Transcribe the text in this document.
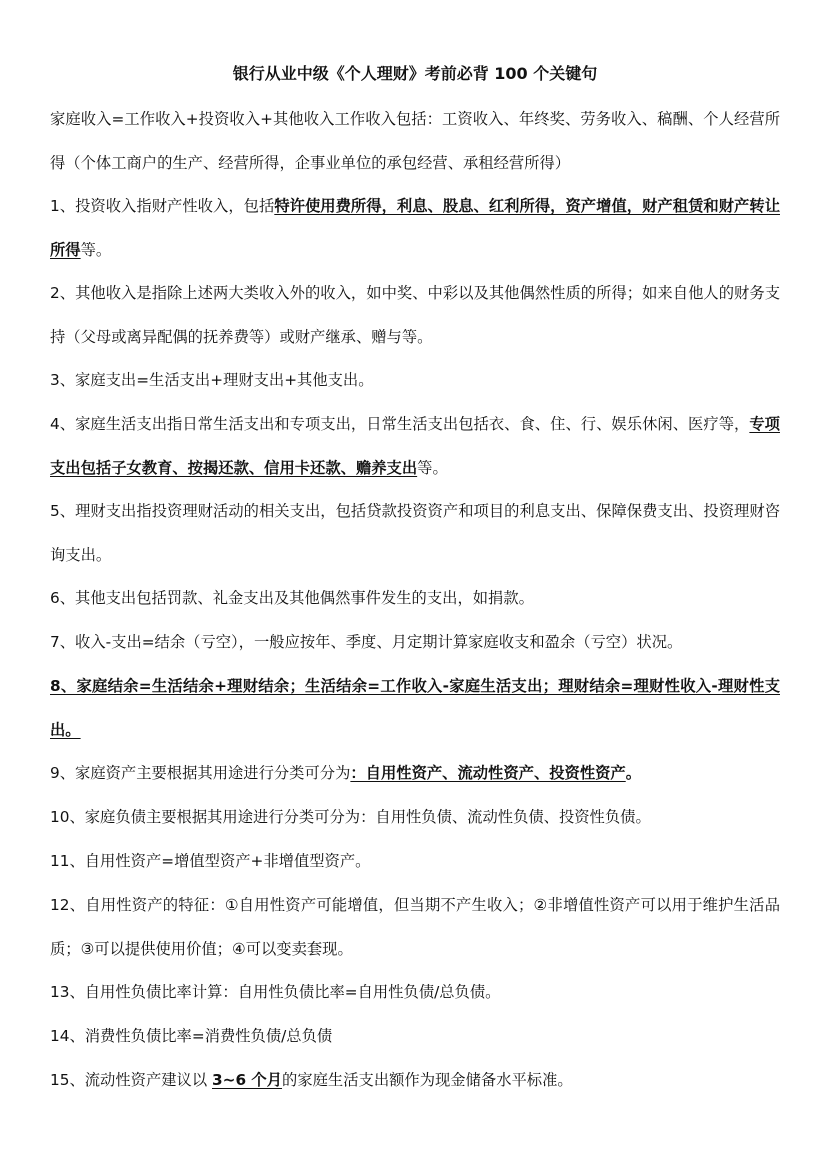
银行从业中级《个人理财》考前必背 100 个关键句
家庭收入=工作收入+投资收入+其他收入工作收入包括：工资收入、年终奖、劳务收入、稿酬、个人经营所得（个体工商户的生产、经营所得，企事业单位的承包经营、承租经营所得）
1、投资收入指财产性收入，包括特许使用费所得，利息、股息、红利所得，资产增值，财产租赁和财产转让所得等。
2、其他收入是指除上述两大类收入外的收入，如中奖、中彩以及其他偶然性质的所得；如来自他人的财务支持（父母或离异配偶的抚养费等）或财产继承、赠与等。
3、家庭支出=生活支出+理财支出+其他支出。
4、家庭生活支出指日常生活支出和专项支出，日常生活支出包括衣、食、住、行、娱乐休闲、医疗等，专项支出包括子女教育、按揭还款、信用卡还款、赡养支出等。
5、理财支出指投资理财活动的相关支出，包括贷款投资资产和项目的利息支出、保障保费支出、投资理财咨询支出。
6、其他支出包括罚款、礼金支出及其他偶然事件发生的支出，如捐款。
7、收入-支出=结余（亏空），一般应按年、季度、月定期计算家庭收支和盈余（亏空）状况。
8、家庭结余=生活结余+理财结余；生活结余=工作收入-家庭生活支出；理财结余=理财性收入-理财性支出。
9、家庭资产主要根据其用途进行分类可分为：自用性资产、流动性资产、投资性资产。
10、家庭负债主要根据其用途进行分类可分为：自用性负债、流动性负债、投资性负债。
11、自用性资产=增值型资产+非增值型资产。
12、自用性资产的特征：①自用性资产可能增值，但当期不产生收入；②非增值性资产可以用于维护生活品质；③可以提供使用价值；④可以变卖套现。
13、自用性负债比率计算：自用性负债比率=自用性负债/总负债。
14、消费性负债比率=消费性负债/总负债
15、流动性资产建议以 3~6 个月的家庭生活支出额作为现金储备水平标准。
